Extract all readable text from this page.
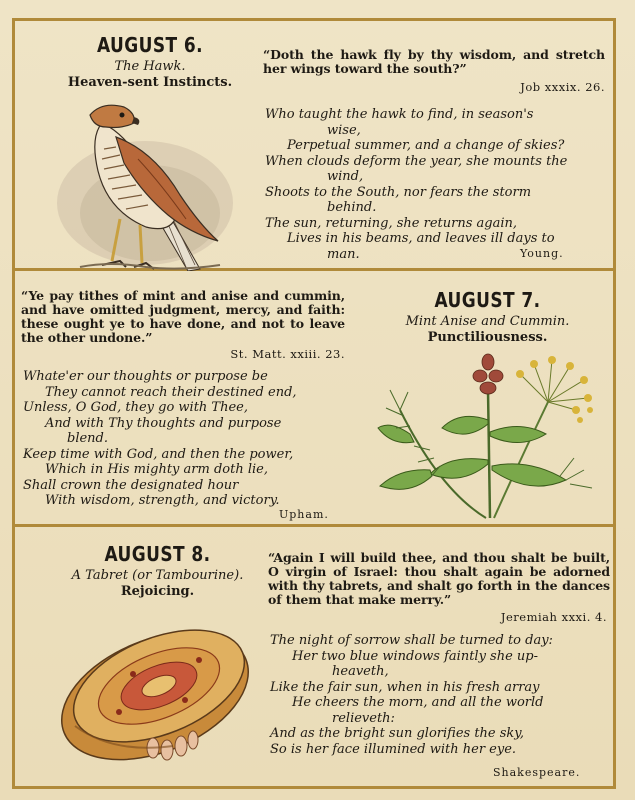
AUGUST 6.
The Hawk.
Heaven-sent Instincts.
“Doth the hawk fly by thy wisdom, and stretch her wings toward the south?”
Job xxxix. 26.
Who taught the hawk to find, in season's
wise,
Perpetual summer, and a change of skies?
When clouds deform the year, she mounts the
wind,
Shoots to the South, nor fears the storm
behind.
The sun, returning, she returns again,
Lives in his beams, and leaves ill days to
man.	Young.
“Ye pay tithes of mint and anise and cummin, and have omitted judgment, mercy, and faith: these ought ye to have done, and not to leave the other undone.”
St. Matt. xxiii. 23.
Whate'er our thoughts or purpose be
They cannot reach their destined end,
Unless, O God, they go with Thee,
And with Thy thoughts and purpose
blend.
Keep time with God, and then the power,
Which in His mighty arm doth lie,
Shall crown the designated hour
With wisdom, strength, and victory.
Upham.
AUGUST 7.
Mint Anise and Cummin.
Punctiliousness.
AUGUST 8.
A Tabret (or Tambourine).
Rejoicing.
“Again I will build thee, and thou shalt be built, O virgin of Israel: thou shalt again be adorned with thy tabrets, and shalt go forth in the dances of them that make merry.”
Jeremiah xxxi. 4.
The night of sorrow shall be turned to day:
Her two blue windows faintly she up-
heaveth,
Like the fair sun, when in his fresh array
He cheers the morn, and all the world
relieveth:
And as the bright sun glorifies the sky,
So is her face illumined with her eye.
Shakespeare.
